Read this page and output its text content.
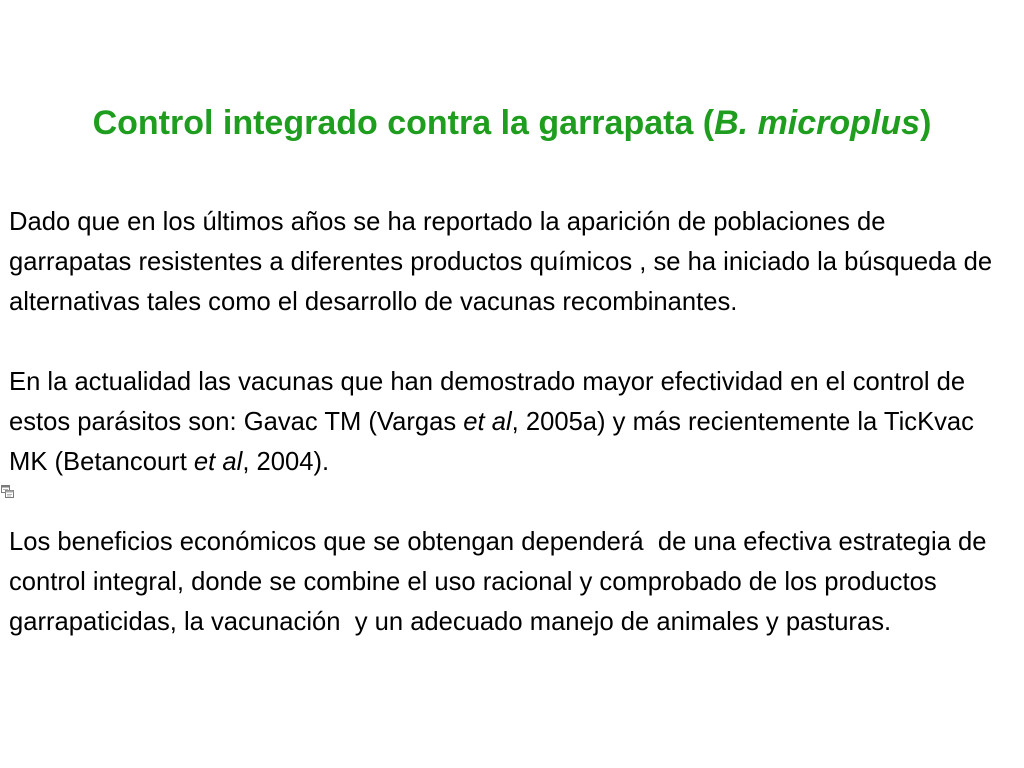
Control integrado contra la garrapata (B. microplus)
Dado que en los últimos años se ha reportado la aparición de poblaciones de
garrapatas resistentes a diferentes productos químicos , se ha iniciado la búsqueda de
alternativas tales como el desarrollo de vacunas recombinantes.
En la actualidad las vacunas que han demostrado mayor efectividad en el control de
estos parásitos son: Gavac TM (Vargas et al, 2005a) y más recientemente la TicKvac
MK (Betancourt et al, 2004).
Los beneficios económicos que se obtengan dependerá  de una efectiva estrategia de
control integral, donde se combine el uso racional y comprobado de los productos
garrapaticidas, la vacunación  y un adecuado manejo de animales y pasturas.
